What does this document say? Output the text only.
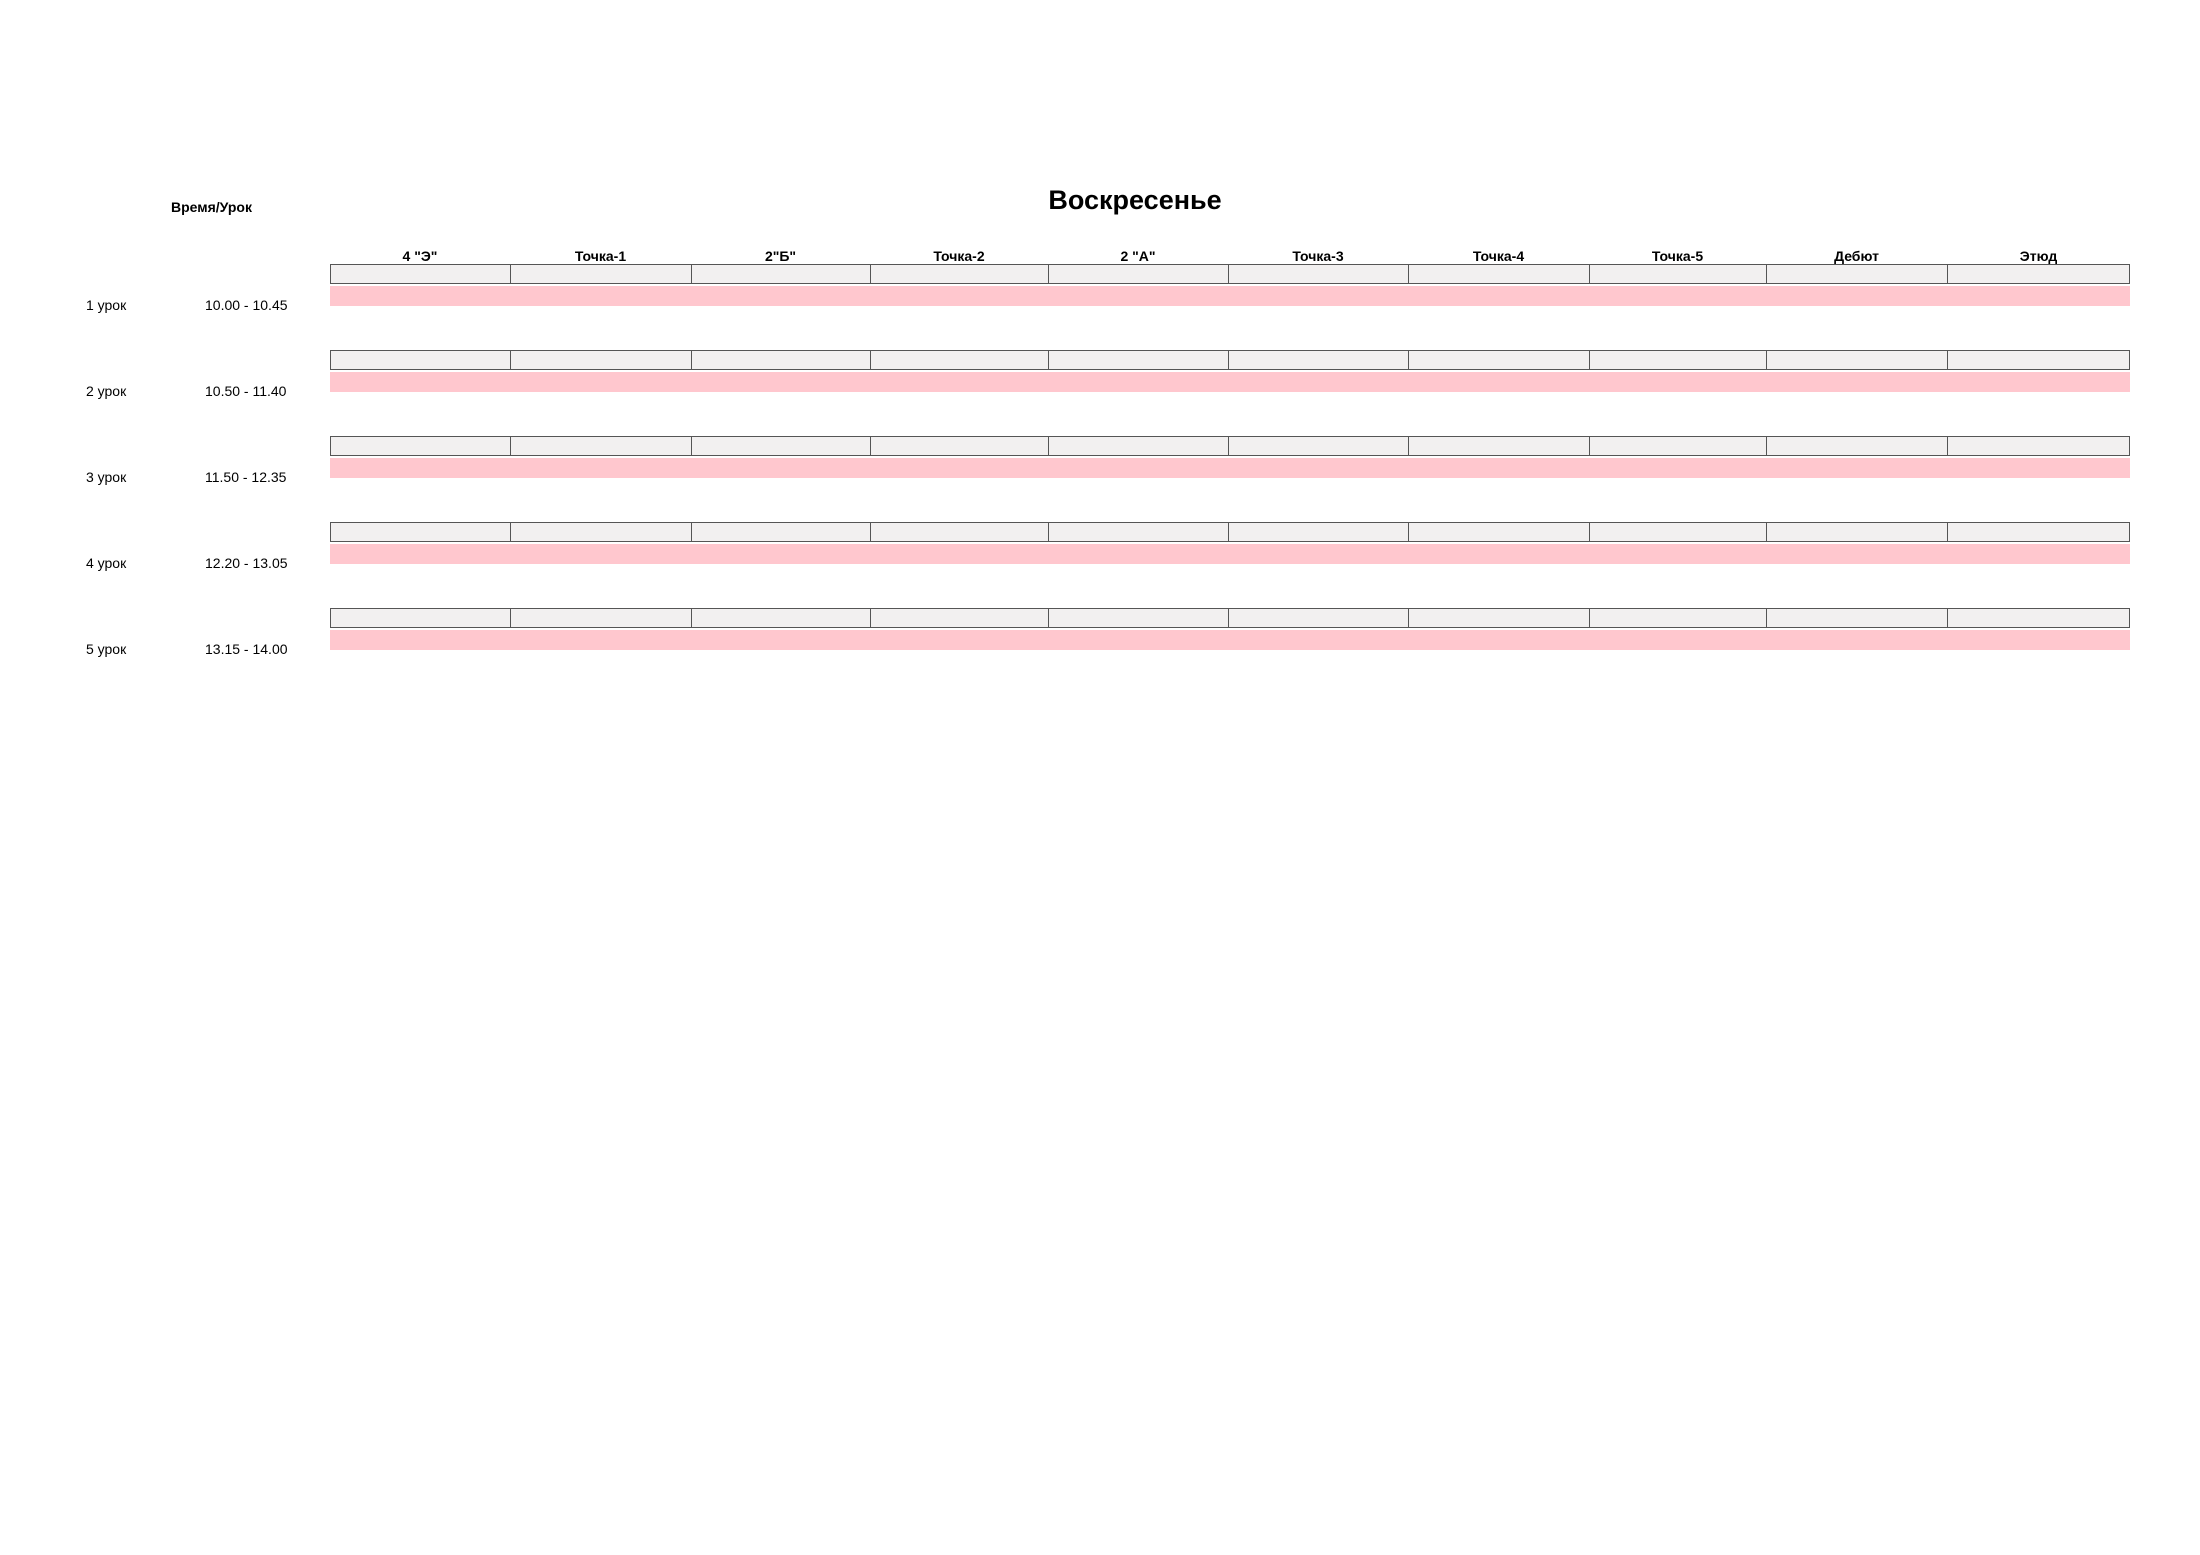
Воскресенье
Время/Урок
4 "Э"	Точка-1	2"Б"	Точка-2	2 "А"	Точка-3	Точка-4	Точка-5	Дебют	Этюд
1 урок	10.00 - 10.45
2 урок	10.50 - 11.40
3 урок	11.50 - 12.35
4 урок	12.20 - 13.05
5 урок	13.15 - 14.00
